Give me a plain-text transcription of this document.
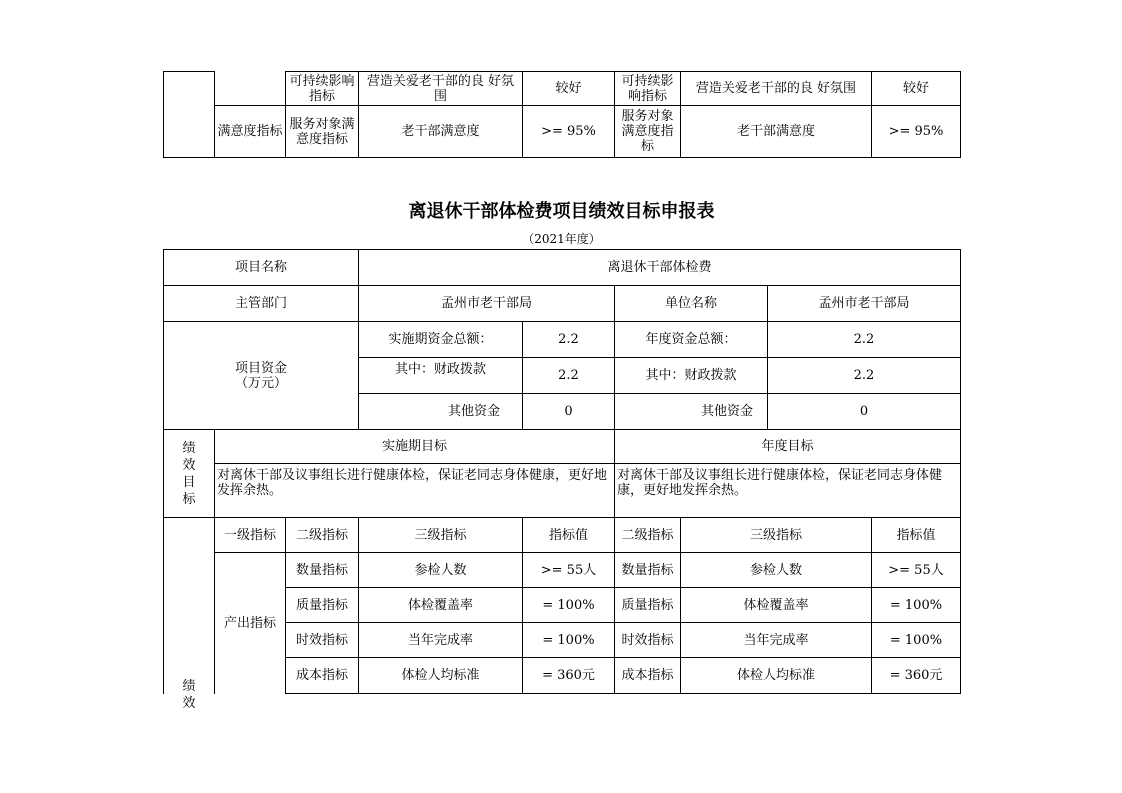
		可持续影响指标	营造关爱老干部的良 好氛围	较好	可持续影响指标	营造关爱老干部的良 好氛围	较好
	满意度指标	服务对象满意度指标	老干部满意度	>= 95%	服务对象满意度指标	老干部满意度	>= 95%
离退休干部体检费项目绩效目标申报表
（2021年度）
项目名称			离退休干部体检费					
主管部门			孟州市老干部局		单位名称		孟州市老干部局	
项目资金
（万元）			实施期资金总额：	2.2	年度资金总额：		2.2	
			其中：财政拨款	2.2	其中：财政拨款		2.2	
			其他资金	0	其他资金		0	
绩效目标	实施期目标				年度目标			
	对离休干部及议事组长进行健康体检，保证老同志身体健康，更好地发挥余热。				对离休干部及议事组长进行健康体检，保证老同志身体健康，更好地发挥余热。			

绩效	一级指标	二级指标	三级指标	指标值	二级指标	三级指标		指标值
	产出指标	数量指标	参检人数	>= 55人	数量指标	参检人数		>= 55人
		质量指标	体检覆盖率	= 100%	质量指标	体检覆盖率		= 100%
		时效指标	当年完成率	= 100%	时效指标	当年完成率		= 100%
		成本指标	体检人均标准	= 360元	成本指标	体检人均标准		= 360元
